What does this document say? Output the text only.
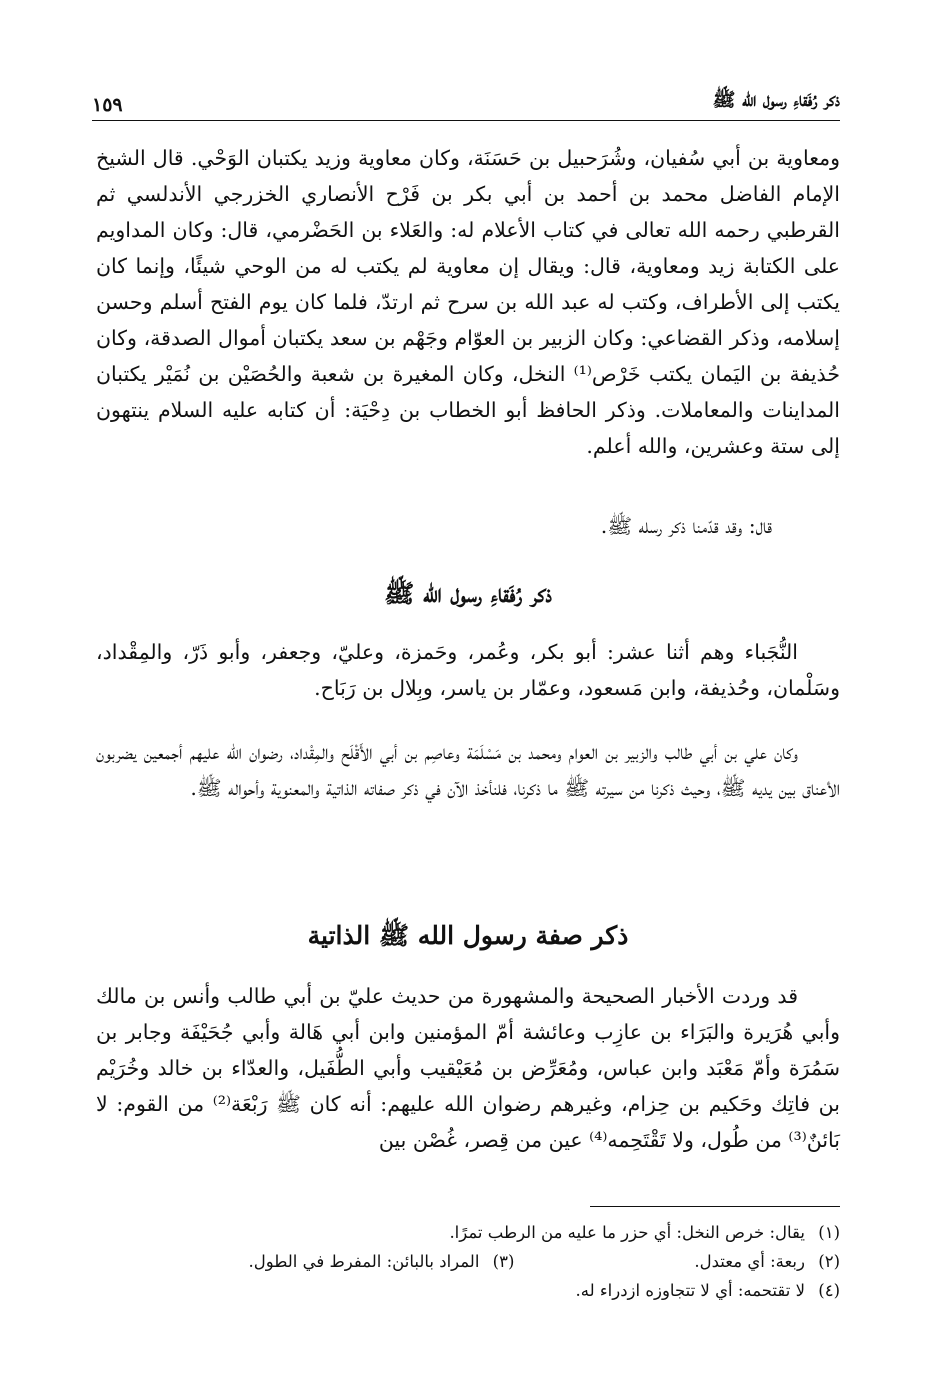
ذكر رُفَقاءِ رسول الله ﷺ
١٥٩

ومعاوية بن أبي سُفيان، وشُرَحبيل بن حَسَنَة، وكان معاوية وزيد يكتبان الوَحْي. قال الشيخ الإمام الفاضل محمد بن أحمد بن أبي بكر بن فَرْح الأنصاري الخزرجي الأندلسي ثم القرطبي رحمه الله تعالى في كتاب الأعلام له: والعَلاء بن الحَضْرمي، قال: وكان المداويم على الكتابة زيد ومعاوية، قال: ويقال إن معاوية لم يكتب له من الوحي شيئًا، وإنما كان يكتب إلى الأطراف، وكتب له عبد الله بن سرح ثم ارتدّ، فلما كان يوم الفتح أسلم وحسن إسلامه، وذكر القضاعي: وكان الزبير بن العوّام وجَهْم بن سعد يكتبان أموال الصدقة، وكان حُذيفة بن اليَمان يكتب خَرْص⁽¹⁾ النخل، وكان المغيرة بن شعبة والحُصَيْن بن نُمَيْر يكتبان المداينات والمعاملات. وذكر الحافظ أبو الخطاب بن دِحْيَة: أن كتابه عليه السلام ينتهون إلى ستة وعشرين، والله أعلم.

قال: وقد قدّمنا ذكر رسله ﷺ.

ذكر رُفَقاءِ رسول الله ﷺ

النُّجَباء وهم أثنا عشر: أبو بكر، وعُمر، وحَمزة، وعليّ، وجعفر، وأبو ذَرّ، والمِقْداد، وسَلْمان، وحُذيفة، وابن مَسعود، وعمّار بن ياسر، وبِلال بن رَبَاح.

وكان علي بن أبي طالب والزبير بن العوام ومحمد بن مَسْلَمَة وعاصِم بن أبي الأَقْلَح والمِقْداد، رضوان الله عليهم أجمعين يضربون الأعناق بين يديه ﷺ، وحيث ذكرنا من سيرته ﷺ ما ذكرنا، فلنأخذ الآن في ذكر صفاته الذاتية والمعنوية وأحواله ﷺ.

ذكر صفة رسول الله ﷺ الذاتية

قد وردت الأخبار الصحيحة والمشهورة من حديث عليّ بن أبي طالب وأنس بن مالك وأبي هُرَيرة والبَرَاء بن عازِب وعائشة أمّ المؤمنين وابن أبي هَالة وأبي جُحَيْفَة وجابر بن سَمُرَة وأمّ مَعْبَد وابن عباس، ومُعَرِّض بن مُعَيْقيب وأبي الطُّفَيل، والعدّاء بن خالد وخُرَيْم بن فاتِك وحَكيم بن حِزام، وغيرهم رضوان الله عليهم: أنه كان ﷺ رَبْعَة⁽²⁾ من القوم: لا بَائنٌ⁽³⁾ من طُول، ولا تَقْتَحِمه⁽⁴⁾ عين من قِصر، غُصْن بين

(١) يقال: خرص النخل: أي حزر ما عليه من الرطب تمرًا.
(٢) ربعة: أي معتدل.
(٣) المراد بالبائن: المفرط في الطول.
(٤) لا تقتحمه: أي لا تتجاوزه ازدراء له.
